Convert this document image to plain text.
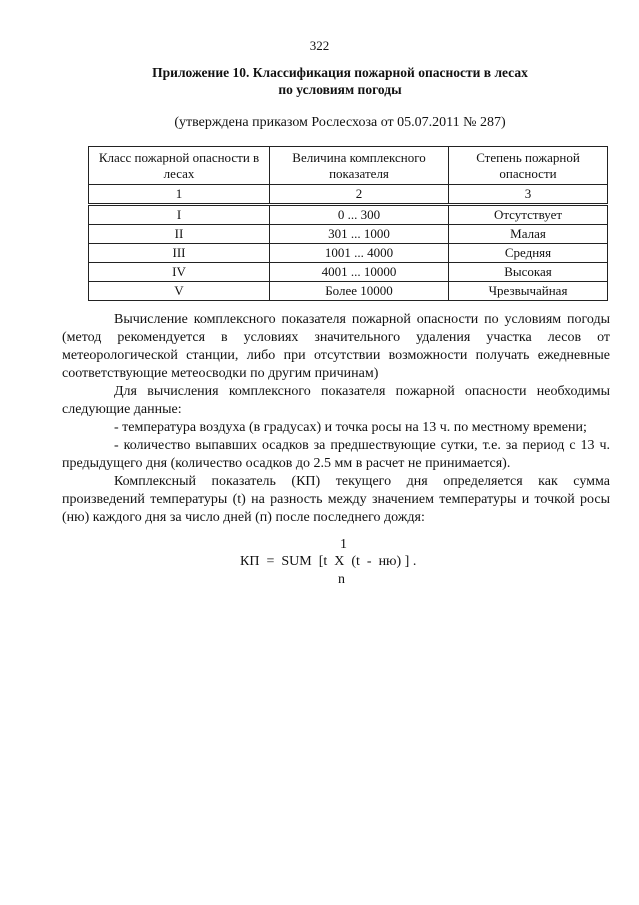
322
Приложение 10. Классификация пожарной опасности в лесах
по условиям погоды
(утверждена приказом Рослесхоза от 05.07.2011 № 287)
Класс пожарной опасности в лесах	Величина комплексного показателя	Степень пожарной опасности
1	2	3
I	0 ... 300	Отсутствует
II	301 ... 1000	Малая
III	1001 ... 4000	Средняя
IV	4001 ... 10000	Высокая
V	Более 10000	Чрезвычайная

Вычисление комплексного показателя пожарной опасности по условиям погоды (метод рекомендуется в условиях значительного удаления участка лесов от метеорологической станции, либо при отсутствии возможности получать ежедневные соответствующие метеосводки по другим причинам)

Для вычисления комплексного показателя пожарной опасности необходимы следующие данные:

- температура воздуха (в градусах) и точка росы на 13 ч. по местному времени;

- количество выпавших осадков за предшествующие сутки, т.е. за период с 13 ч. предыдущего дня (количество осадков до 2.5 мм в расчет не принимается).

Комплексный показатель (КП) текущего дня определяется как сумма произведений температуры (t) на разность между значением температуры и точкой росы (ню) каждого дня за число дней (п) после последнего дождя:

1
КП  =  SUM  [t  X  (t  -  ню) ] .
n
